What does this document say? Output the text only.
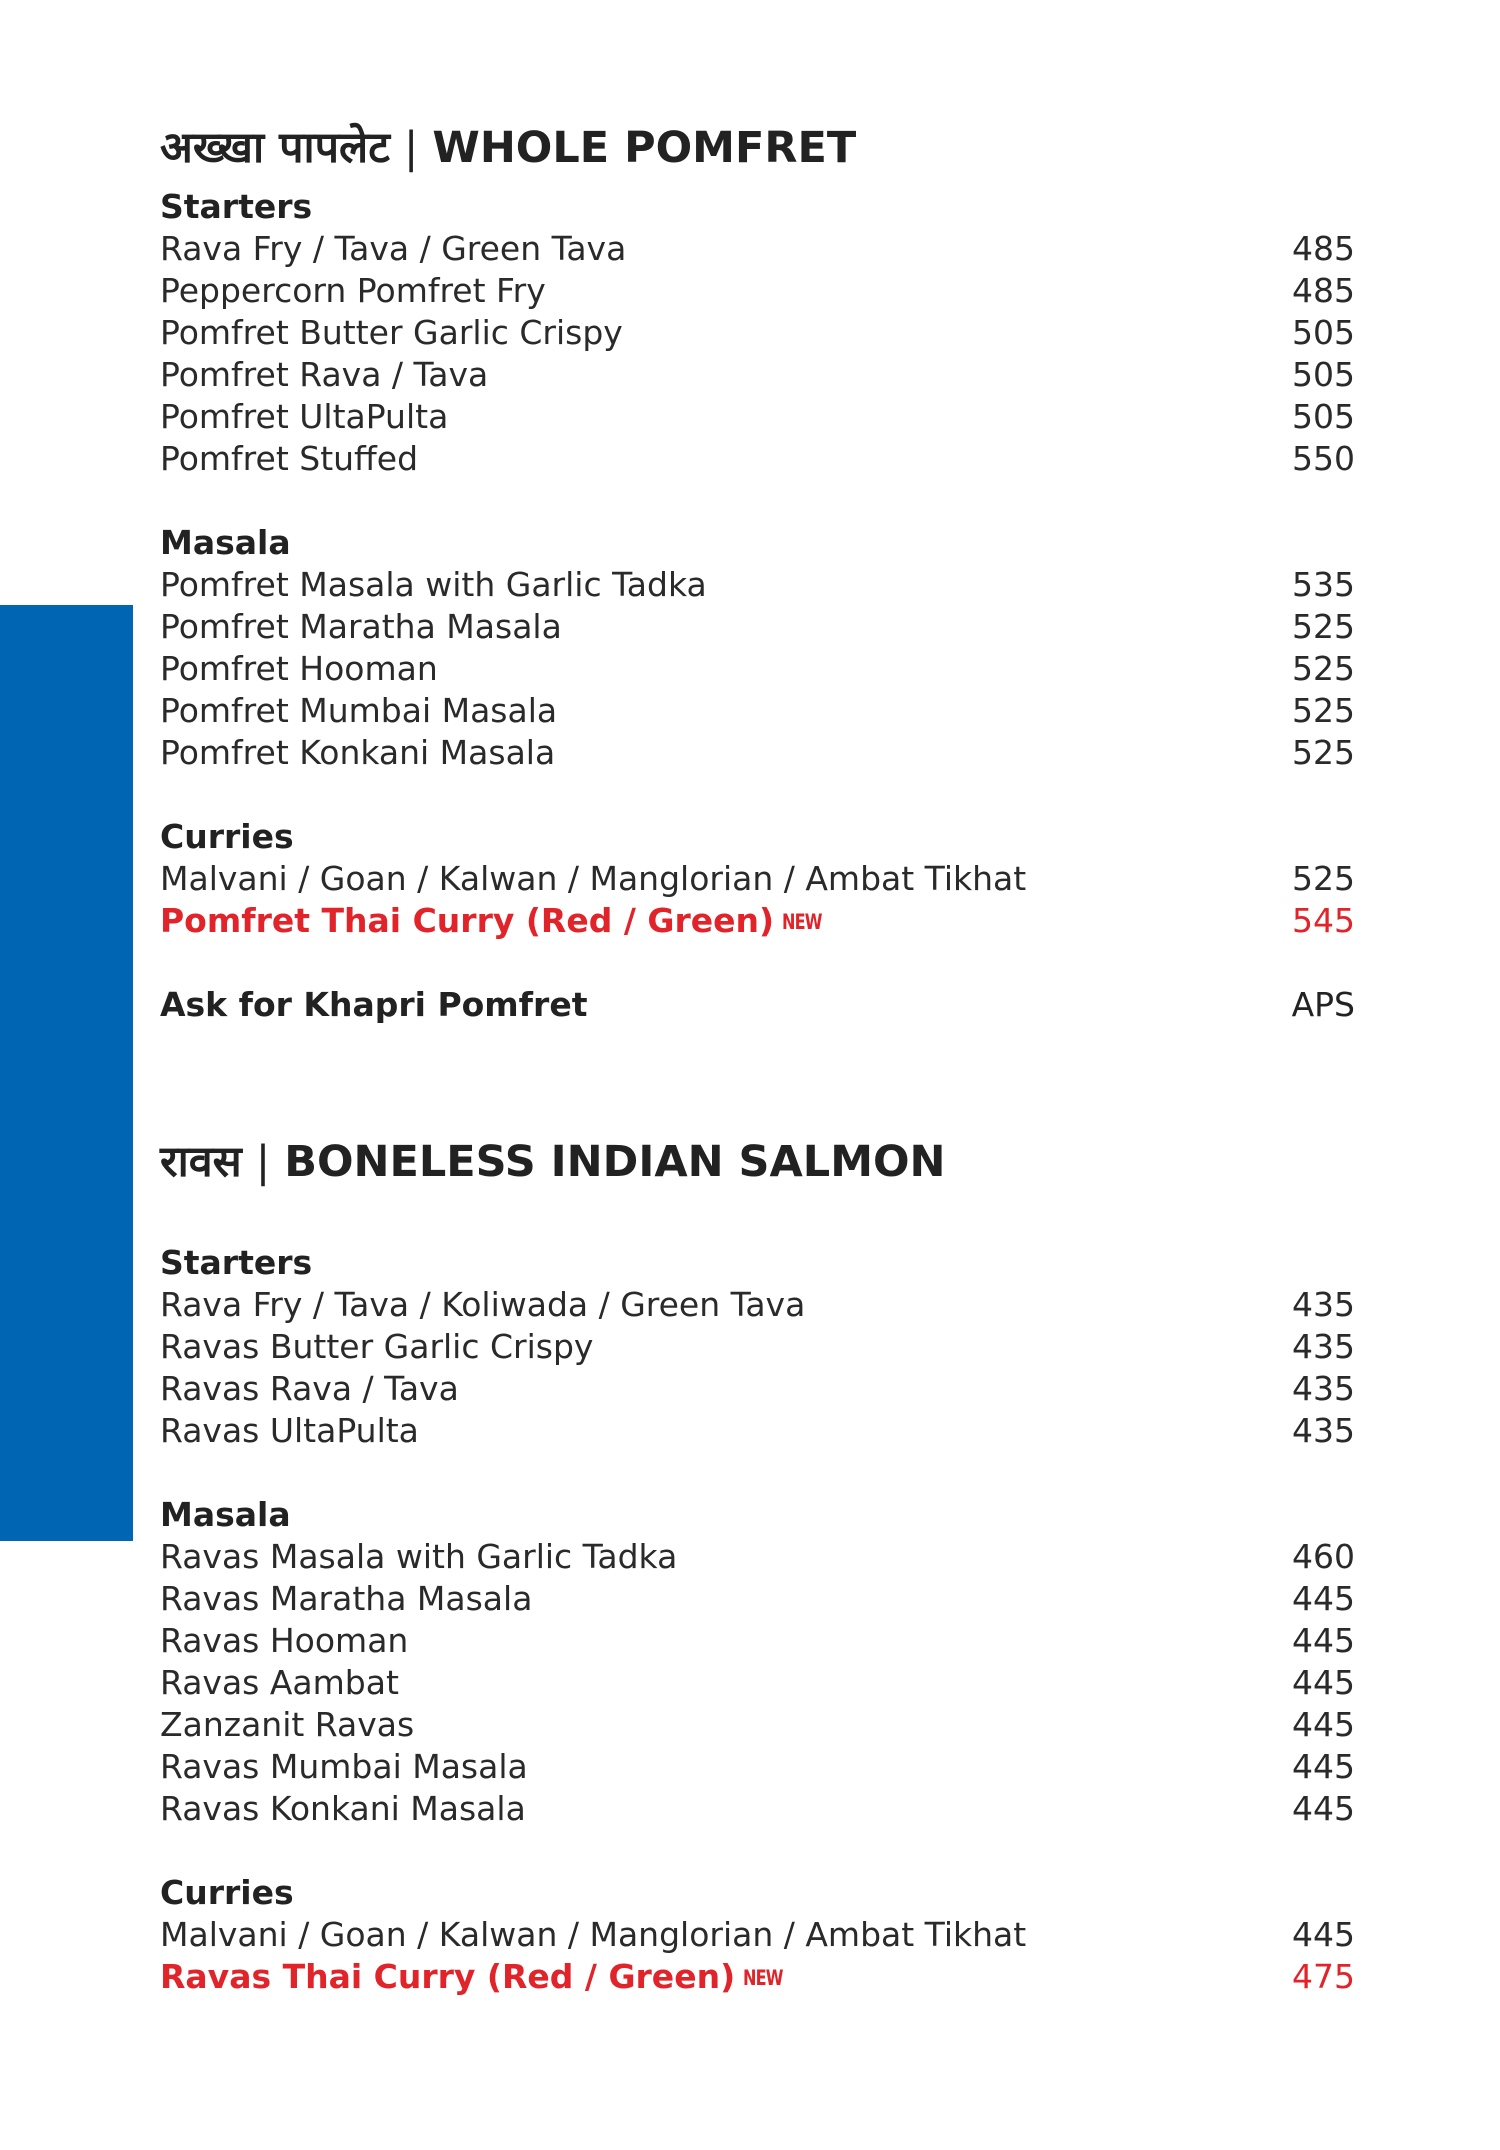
अख्खा पापलेट | WHOLE POMFRET
Starters
Rava Fry / Tava / Green Tava	485
Peppercorn Pomfret Fry	485
Pomfret Butter Garlic Crispy	505
Pomfret Rava / Tava	505
Pomfret UltaPulta	505
Pomfret Stuffed	550
Masala
Pomfret Masala with Garlic Tadka	535
Pomfret Maratha Masala	525
Pomfret Hooman	525
Pomfret Mumbai Masala	525
Pomfret Konkani Masala	525
Curries
Malvani / Goan / Kalwan / Manglorian / Ambat Tikhat	525
Pomfret Thai Curry (Red / Green) NEW	545
Ask for Khapri Pomfret	APS
रावस | BONELESS INDIAN SALMON
Starters
Rava Fry / Tava / Koliwada / Green Tava	435
Ravas Butter Garlic Crispy	435
Ravas Rava / Tava	435
Ravas UltaPulta	435
Masala
Ravas Masala with Garlic Tadka	460
Ravas Maratha Masala	445
Ravas Hooman	445
Ravas Aambat	445
Zanzanit Ravas	445
Ravas Mumbai Masala	445
Ravas Konkani Masala	445
Curries
Malvani / Goan / Kalwan / Manglorian / Ambat Tikhat	445
Ravas Thai Curry (Red / Green) NEW	475
